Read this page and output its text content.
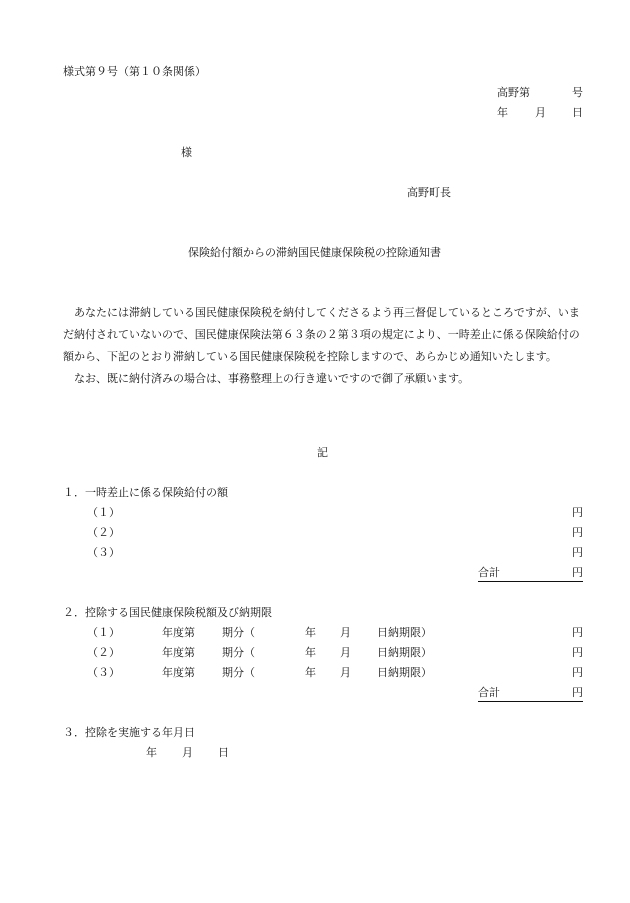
様式第９号（第１０条関係）
高野第	号
年 月 日
様
高野町長
保険給付額からの滞納国民健康保険税の控除通知書

あなたには滞納している国民健康保険税を納付してくださるよう再三督促しているところですが、いまだ納付されていないので、国民健康保険法第６３条の２第３項の規定により、一時差止に係る保険給付の額から、下記のとおり滞納している国民健康保険税を控除しますので、あらかじめ通知いたします。

なお、既に納付済みの場合は、事務整理上の行き違いですので御了承願います。

記
１．一時差止に係る保険給付の額
（１）	円
（２）	円
（３）	円
合計	円
２．控除する国民健康保険税額及び納期限
（１）	年度第 期分（	年 月 日納期限）	円
（２）	年度第 期分（	年 月 日納期限）	円
（３）	年度第 期分（	年 月 日納期限）	円
合計	円
３．控除を実施する年月日
年 月 日
